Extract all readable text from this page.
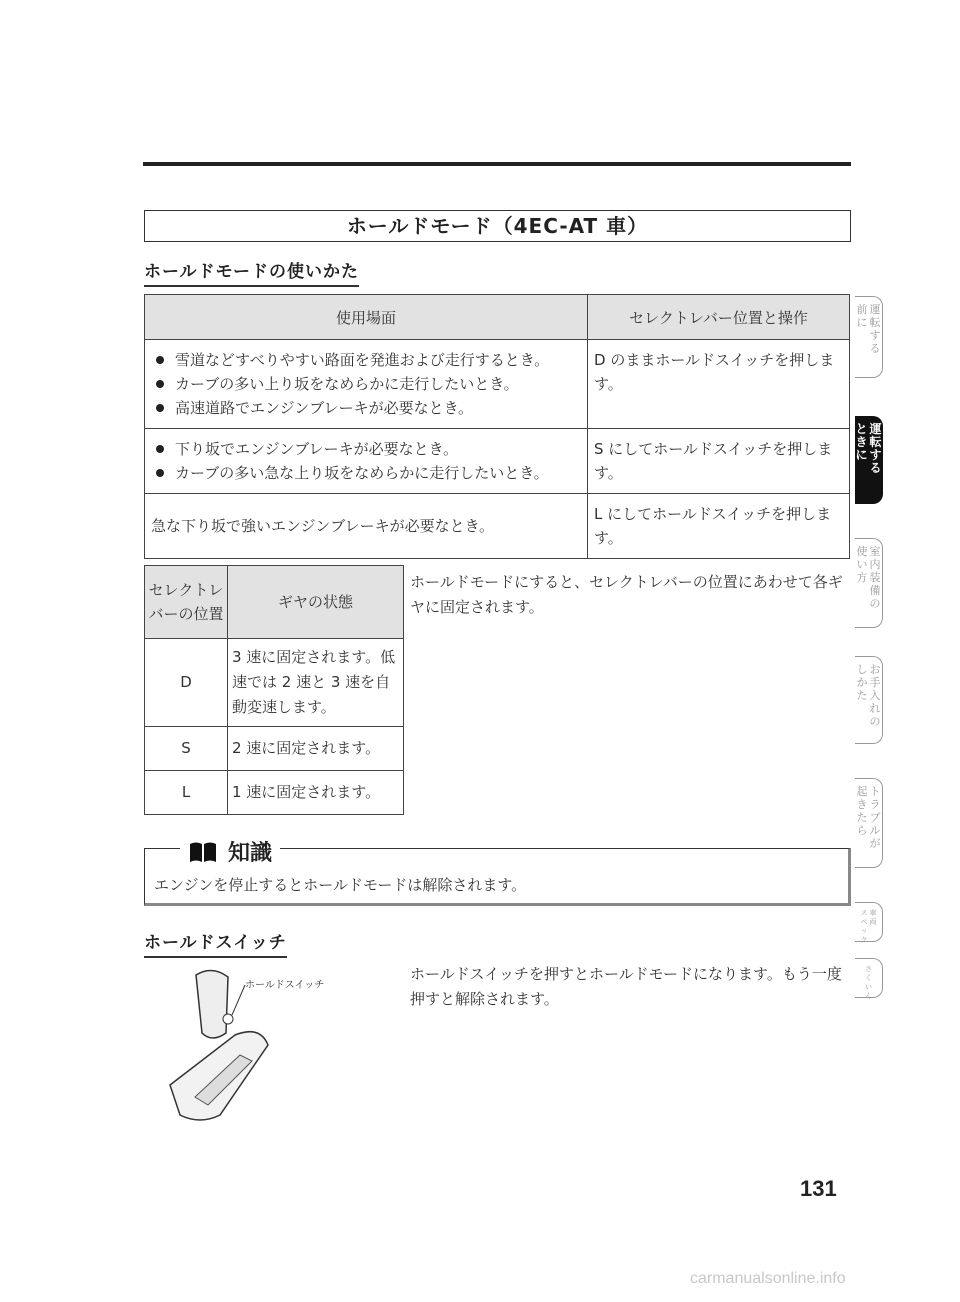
ホールドモード（4EC-AT 車）
ホールドモードの使いかた
使用場面	セレクトレバー位置と操作

雪道などすべりやすい路面を発進および走行するとき。
カーブの多い上り坂をなめらかに走行したいとき。
高速道路でエンジンブレーキが必要なとき。	D のままホールドスイッチを押します。

下り坂でエンジンブレーキが必要なとき。
カーブの多い急な上り坂をなめらかに走行したいとき。	S にしてホールドスイッチを押します。
急な下り坂で強いエンジンブレーキが必要なとき。	L にしてホールドスイッチを押します。
セレクトレバーの位置	ギヤの状態
D	3 速に固定されます。低速では 2 速と 3 速を自動変速します。
S	2 速に固定されます。
L	1 速に固定されます。
ホールドモードにすると、セレクトレバーの位置にあわせて各ギヤに固定されます。
知識
エンジンを停止するとホールドモードは解除されます。
ホールドスイッチ
ホールドスイッチ
ホールドスイッチを押すとホールドモードになります。もう一度押すと解除されます。
前
に
運
転
す
る
と
き
に
運
転
す
る
使
い
方
室
内
装
備
の
し
か
た
お
手
入
れ
の
起
き
た
ら
ト
ラ
ブ
ル
が
ス
ペ
ッ
ク
車
両
さ
く
い
ん
131
carmanualsonline.info
